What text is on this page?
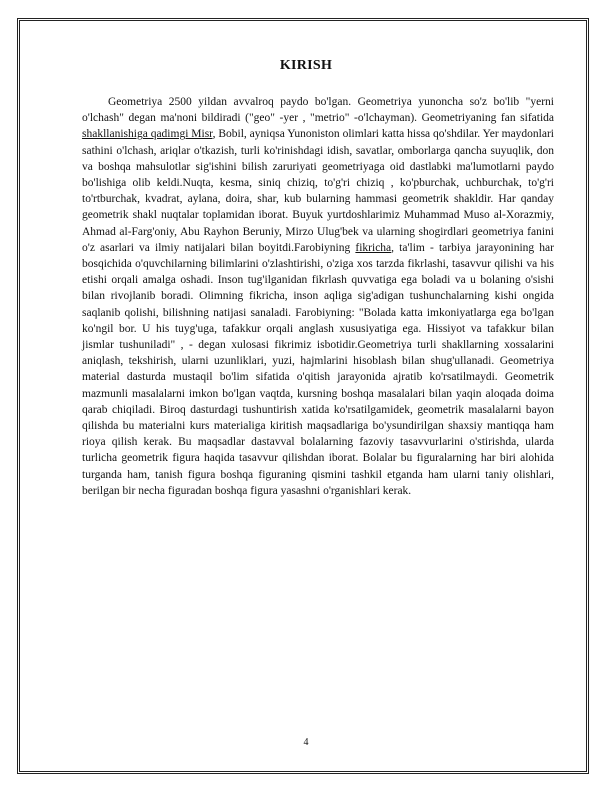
KIRISH

Geometriya 2500 yildan avvalroq paydo bo'lgan. Geometriya yunoncha so'z bo'lib "yerni o'lchash" degan ma'noni bildiradi ("geo" -yer , "metrio" -o'lchayman). Geometriyaning fan sifatida shakllanishiga qadimgi Misr, Bobil, ayniqsa Yunoniston olimlari katta hissa qo'shdilar. Yer maydonlari sathini o'lchash, ariqlar o'tkazish, turli ko'rinishdagi idish, savatlar, omborlarga qancha suyuqlik, don va boshqa mahsulotlar sig'ishini bilish zaruriyati geometriyaga oid dastlabki ma'lumotlarni paydo bo'lishiga olib keldi.Nuqta, kesma, siniq chiziq, to'g'ri chiziq , ko'pburchak, uchburchak, to'g'ri to'rtburchak, kvadrat, aylana, doira, shar, kub bularning hammasi geometrik shakldir. Har qanday geometrik shakl nuqtalar toplamidan iborat. Buyuk yurtdoshlarimiz Muhammad Muso al-Xorazmiy, Ahmad al-Farg'oniy, Abu Rayhon Beruniy, Mirzo Ulug'bek va ularning shogirdlari geometriya fanini o'z asarlari va ilmiy natijalari bilan boyitdi.Farobiyning fikricha, ta'lim - tarbiya jarayonining har bosqichida o'quvchilarning bilimlarini o'zlashtirishi, o'ziga xos tarzda fikrlashi, tasavvur qilishi va his etishi orqali amalga oshadi. Inson tug'ilganidan fikrlash quvvatiga ega boladi va u bolaning o'sishi bilan rivojlanib boradi. Olimning fikricha, inson aqliga sig'adigan tushunchalarning kishi ongida saqlanib qolishi, bilishning natijasi sanaladi. Farobiyning: "Bolada katta imkoniyatlarga ega bo'lgan ko'ngil bor. U his tuyg'uga, tafakkur orqali anglash xususiyatiga ega. Hissiyot va tafakkur bilan jismlar tushuniladi" , - degan xulosasi fikrimiz isbotidir.Geometriya turli shakllarning xossalarini aniqlash, tekshirish, ularni uzunliklari, yuzi, hajmlarini hisoblash bilan shug'ullanadi. Geometriya material dasturda mustaqil bo'lim sifatida o'qitish jarayonida ajratib ko'rsatilmaydi. Geometrik mazmunli masalalarni imkon bo'lgan vaqtda, kursning boshqa masalalari bilan yaqin aloqada doima qarab chiqiladi. Biroq dasturdagi tushuntirish xatida ko'rsatilgamidek, geometrik masalalarni bayon qilishda bu materialni kurs materialiga kiritish maqsadlariga bo'ysundirilgan shaxsiy mantiqqa ham rioya qilish kerak. Bu maqsadlar dastavval bolalarning fazoviy tasavvurlarini o'stirishda, ularda turlicha geometrik figura haqida tasavvur qilishdan iborat. Bolalar bu figuralarning har biri alohida turganda ham, tanish figura boshqa figuraning qismini tashkil etganda ham ularni taniy olishlari, berilgan bir necha figuradan boshqa figura yasashni o'rganishlari kerak.

4
